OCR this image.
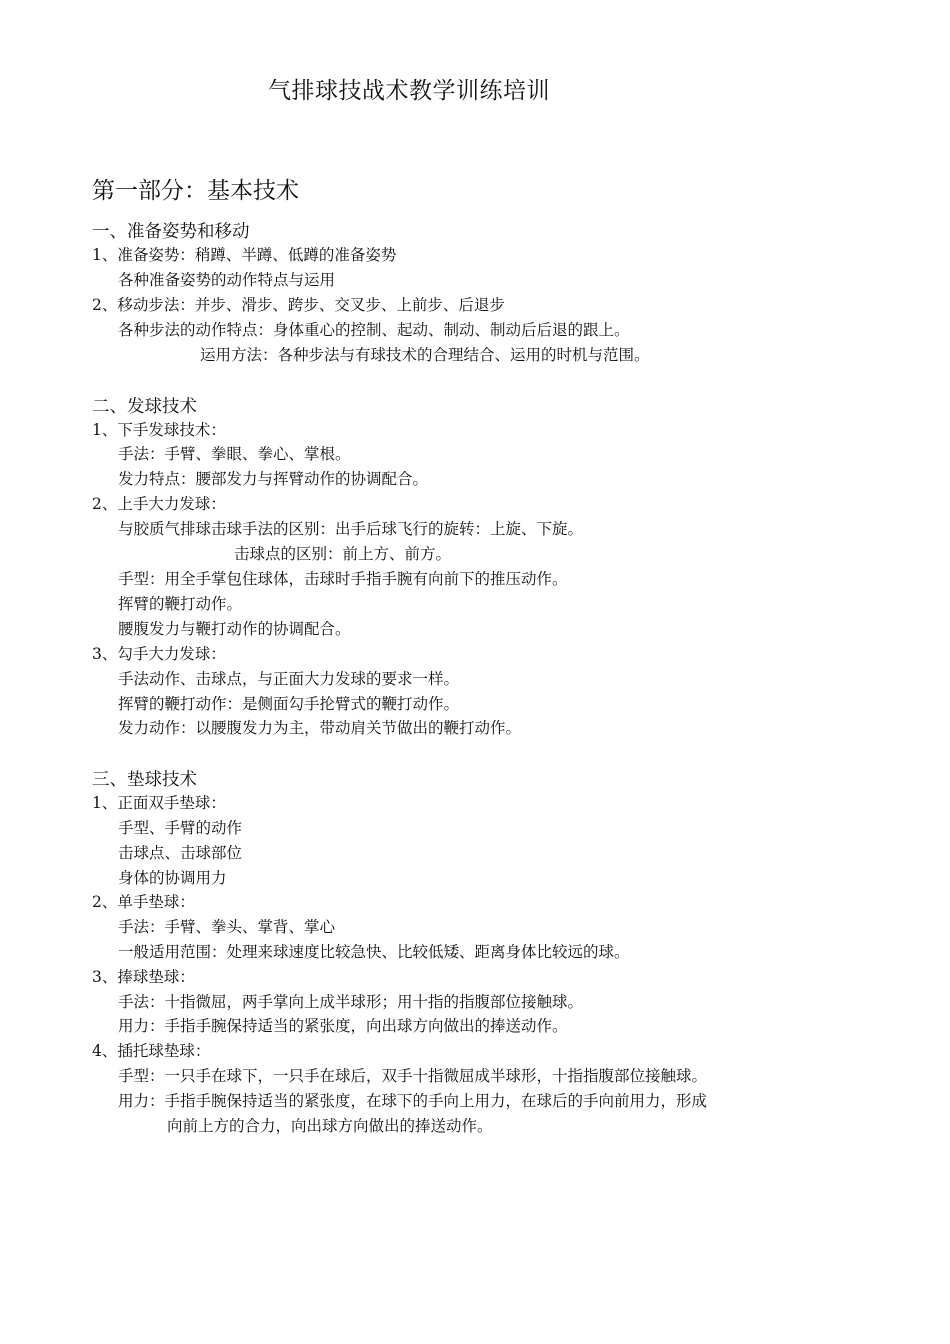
气排球技战术教学训练培训
第一部分：基本技术
一、准备姿势和移动
1、准备姿势：稍蹲、半蹲、低蹲的准备姿势
各种准备姿势的动作特点与运用
2、移动步法：并步、滑步、跨步、交叉步、上前步、后退步
各种步法的动作特点：身体重心的控制、起动、制动、制动后后退的跟上。
运用方法：各种步法与有球技术的合理结合、运用的时机与范围。
二、发球技术
1、下手发球技术：
手法：手臂、拳眼、拳心、掌根。
发力特点：腰部发力与挥臂动作的协调配合。
2、上手大力发球：
与胶质气排球击球手法的区别：出手后球飞行的旋转：上旋、下旋。
击球点的区别：前上方、前方。
手型：用全手掌包住球体，击球时手指手腕有向前下的推压动作。
挥臂的鞭打动作。
腰腹发力与鞭打动作的协调配合。
3、勾手大力发球：
手法动作、击球点，与正面大力发球的要求一样。
挥臂的鞭打动作：是侧面勾手抡臂式的鞭打动作。
发力动作：以腰腹发力为主，带动肩关节做出的鞭打动作。
三、垫球技术
1、正面双手垫球：
手型、手臂的动作
击球点、击球部位
身体的协调用力
2、单手垫球：
手法：手臂、拳头、掌背、掌心
一般适用范围：处理来球速度比较急快、比较低矮、距离身体比较远的球。
3、捧球垫球：
手法：十指微屈，两手掌向上成半球形；用十指的指腹部位接触球。
用力：手指手腕保持适当的紧张度，向出球方向做出的捧送动作。
4、插托球垫球：
手型：一只手在球下，一只手在球后，双手十指微屈成半球形，十指指腹部位接触球。
用力：手指手腕保持适当的紧张度，在球下的手向上用力，在球后的手向前用力，形成
向前上方的合力，向出球方向做出的捧送动作。
